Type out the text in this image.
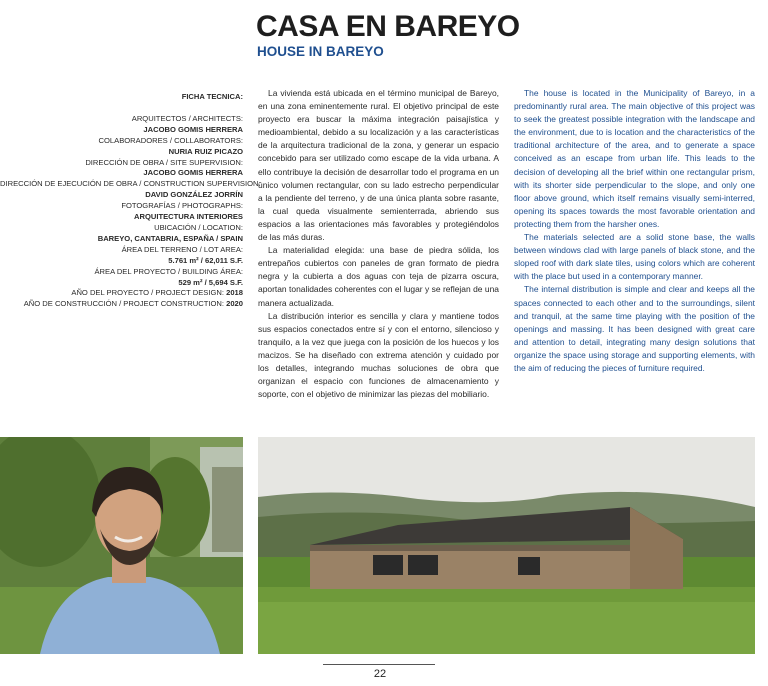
CASA EN BAREYO
HOUSE IN BAREYO
FICHA TECNICA:
ARQUITECTOS / ARCHITECTS:
JACOBO GOMIS HERRERA
COLABORADORES / COLLABORATORS:
NURIA RUIZ PICAZO
DIRECCIÓN DE OBRA / SITE SUPERVISION:
JACOBO GOMIS HERRERA
DIRECCIÓN DE EJECUCIÓN DE OBRA / CONSTRUCTION SUPERVISION:
DAVID GONZÁLEZ JORRÍN
FOTOGRAFÍAS / PHOTOGRAPHS:
ARQUITECTURA INTERIORES
UBICACIÓN / LOCATION:
BAREYO, CANTABRIA, ESPAÑA / SPAIN
ÁREA DEL TERRENO / LOT AREA:
5.761 m² / 62,011 S.F.
ÁREA DEL PROYECTO / BUILDING ÁREA:
529 m² / 5,694 S.F.
AÑO DEL PROYECTO / PROJECT DESIGN: 2018
AÑO DE CONSTRUCCIÓN / PROJECT CONSTRUCTION: 2020

La vivienda está ubicada en el término municipal de Bareyo, en una zona eminentemente rural. El objetivo principal de este proyecto era buscar la máxima integración paisajística y medioambiental, debido a su localización y a las características de la arquitectura tradicional de la zona, y generar un espacio concebido para ser utilizado como escape de la vida urbana. A ello contribuye la decisión de desarrollar todo el programa en un único volumen rectangular, con su lado estrecho perpendicular a la pendiente del terreno, y de una única planta sobre rasante, la cual queda visualmente semienterrada, abriendo sus espacios a las orientaciones más favorables y protegiéndolos de las más duras.

La materialidad elegida: una base de piedra sólida, los entrepaños cubiertos con paneles de gran formato de piedra negra y la cubierta a dos aguas con teja de pizarra oscura, aportan tonalidades coherentes con el lugar y se reflejan de una manera actualizada.

La distribución interior es sencilla y clara y mantiene todos sus espacios conectados entre sí y con el entorno, silencioso y tranquilo, a la vez que juega con la posición de los huecos y los macizos. Se ha diseñado con extrema atención y cuidado por los detalles, integrando muchas soluciones de obra que organizan el espacio con funciones de almacenamiento y soporte, con el objetivo de minimizar las piezas del mobiliario.

The house is located in the Municipality of Bareyo, in a predominantly rural area. The main objective of this project was to seek the greatest possible integration with the landscape and the environment, due to is location and the characteristics of the traditional architecture of the area, and to generate a space conceived as an escape from urban life. This leads to the decision of developing all the brief within one rectangular prism, with its shorter side perpendicular to the slope, and only one floor above ground, which itself remains visually semi-interred, opening its spaces towards the most favorable orientation and protecting them from the harsher ones.

The materials selected are a solid stone base, the walls between windows clad with large panels of black stone, and the sloped roof with dark slate tiles, using colors which are coherent with the place but used in a contemporary manner.

The internal distribution is simple and clear and keeps all the spaces connected to each other and to the surroundings, silent and tranquil, at the same time playing with the position of the openings and massing. It has been designed with great care and attention to detail, integrating many design solutions that organize the space using storage and supporting elements, with the aim of reducing the pieces of furniture required.

22
